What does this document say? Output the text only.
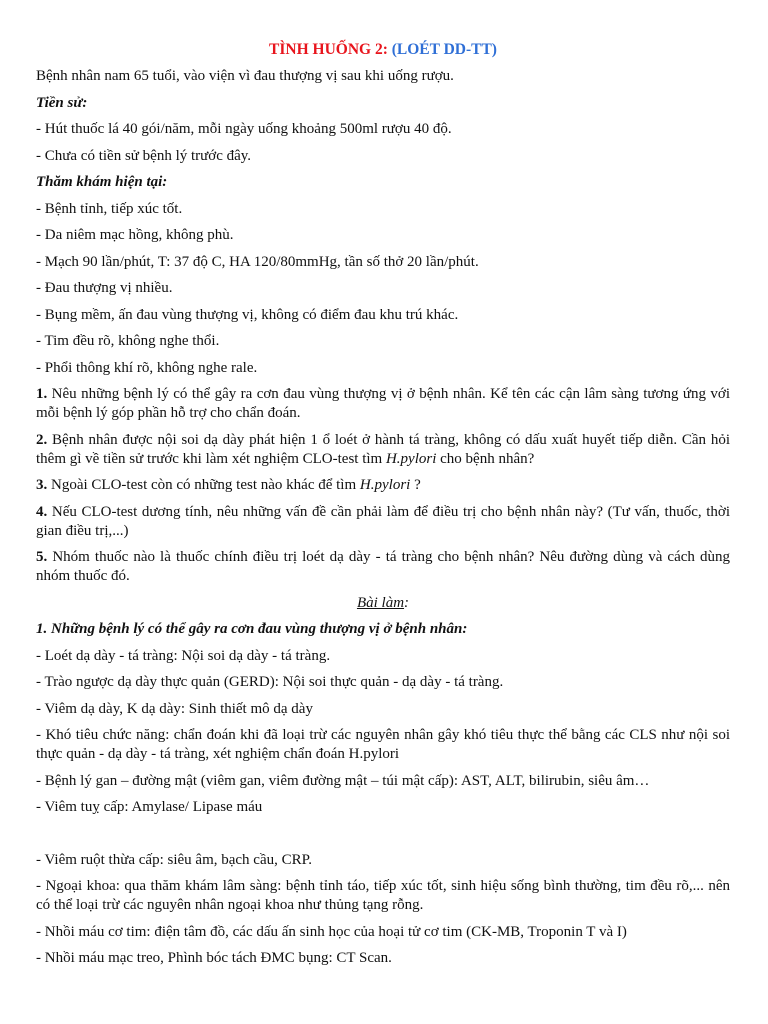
TÌNH HUỐNG 2: (LOÉT DD-TT)

Bệnh nhân nam 65 tuổi, vào viện vì đau thượng vị sau khi uống rượu.

Tiền sử:

- Hút thuốc lá 40 gói/năm, mỗi ngày uống khoảng 500ml rượu 40 độ.

- Chưa có tiền sử bệnh lý trước đây.

Thăm khám hiện tại:

- Bệnh tỉnh, tiếp xúc tốt.

- Da niêm mạc hồng, không phù.

- Mạch 90 lần/phút, T: 37 độ C, HA 120/80mmHg, tần số thở 20 lần/phút.

- Đau thượng vị nhiều.

- Bụng mềm, ấn đau vùng thượng vị, không có điểm đau khu trú khác.

- Tim đều rõ, không nghe thổi.

- Phổi thông khí rõ, không nghe rale.

1. Nêu những bệnh lý có thể gây ra cơn đau vùng thượng vị ở bệnh nhân. Kể tên các cận lâm sàng tương ứng với mỗi bệnh lý góp phần hỗ trợ cho chẩn đoán.

2. Bệnh nhân được nội soi dạ dày phát hiện 1 ổ loét ở hành tá tràng, không có dấu xuất huyết tiếp diễn. Cần hỏi thêm gì về tiền sử trước khi làm xét nghiệm CLO-test tìm H.pylori cho bệnh nhân?

3. Ngoài CLO-test còn có những test nào khác để tìm H.pylori ?

4. Nếu CLO-test dương tính, nêu những vấn đề cần phải làm để điều trị cho bệnh nhân này? (Tư vấn, thuốc, thời gian điều trị,...)

5. Nhóm thuốc nào là thuốc chính điều trị loét dạ dày - tá tràng cho bệnh nhân? Nêu đường dùng và cách dùng nhóm thuốc đó.

Bài làm:

1. Những bệnh lý có thể gây ra cơn đau vùng thượng vị ở bệnh nhân:

- Loét dạ dày - tá tràng: Nội soi dạ dày - tá tràng.

- Trào ngược dạ dày thực quản (GERD): Nội soi thực quản - dạ dày - tá tràng.

- Viêm dạ dày, K dạ dày: Sinh thiết mô dạ dày

- Khó tiêu chức năng: chẩn đoán khi đã loại trừ các nguyên nhân gây khó tiêu thực thể bằng các CLS như nội soi thực quản - dạ dày - tá tràng, xét nghiệm chẩn đoán H.pylori

- Bệnh lý gan – đường mật (viêm gan, viêm đường mật – túi mật cấp): AST, ALT, bilirubin, siêu âm…

- Viêm tuỵ cấp: Amylase/ Lipase máu

- Viêm ruột thừa cấp: siêu âm, bạch cầu, CRP.

- Ngoại khoa: qua thăm khám lâm sàng: bệnh tỉnh táo, tiếp xúc tốt, sinh hiệu sống bình thường, tim đều rõ,... nên có thể loại trừ các nguyên nhân ngoại khoa như thủng tạng rỗng.

- Nhồi máu cơ tim: điện tâm đồ, các dấu ấn sinh học của hoại tử cơ tim (CK-MB, Troponin T và I)

- Nhồi máu mạc treo, Phình bóc tách ĐMC bụng: CT Scan.
